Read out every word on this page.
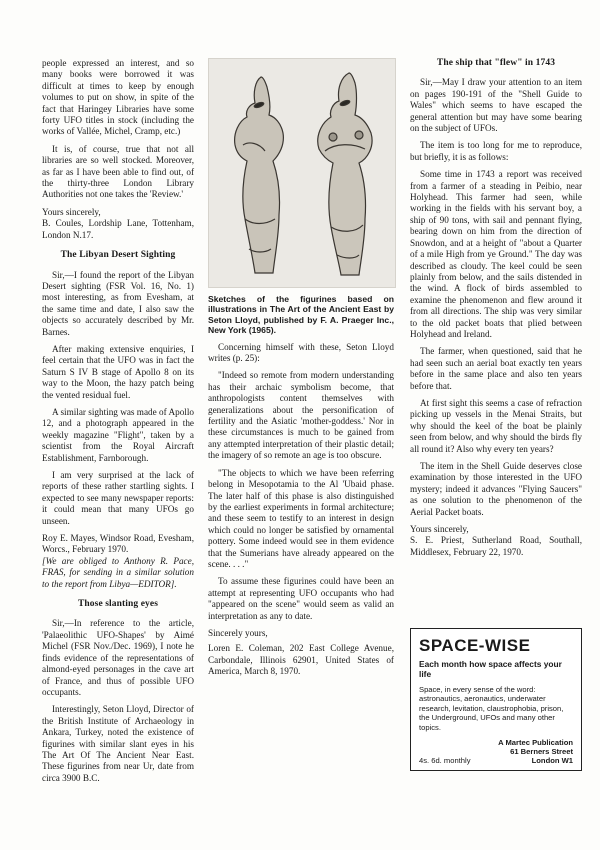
people expressed an interest, and so many books were borrowed it was difficult at times to keep by enough volumes to put on show, in spite of the fact that Haringey Libraries have some forty UFO titles in stock (including the works of Vallée, Michel, Cramp, etc.)

It is, of course, true that not all libraries are so well stocked. Moreover, as far as I have been able to find out, of the thirty-three London Library Authorities not one takes the 'Review.'

Yours sincerely,

B. Coules, Lordship Lane, Tottenham, London N.17.

The Libyan Desert Sighting

Sir,—I found the report of the Libyan Desert sighting (FSR Vol. 16, No. 1) most interesting, as from Evesham, at the same time and date, I also saw the objects so accurately described by Mr. Barnes.

After making extensive enquiries, I feel certain that the UFO was in fact the Saturn S IV B stage of Apollo 8 on its way to the Moon, the hazy patch being the vented residual fuel.

A similar sighting was made of Apollo 12, and a photograph appeared in the weekly magazine "Flight", taken by a scientist from the Royal Aircraft Establishment, Farnborough.

I am very surprised at the lack of reports of these rather startling sights. I expected to see many newspaper reports: it could mean that many UFOs go unseen.

Roy E. Mayes, Windsor Road, Evesham, Worcs., February 1970.

[We are obliged to Anthony R. Pace, FRAS, for sending in a similar solution to the report from Libya—EDITOR].

Those slanting eyes

Sir,—In reference to the article, 'Palaeolithic UFO-Shapes' by Aimé Michel (FSR Nov./Dec. 1969), I note he finds evidence of the representations of almond-eyed personages in the cave art of France, and thus of possible UFO occupants.

Interestingly, Seton Lloyd, Director of the British Institute of Archaeology in Ankara, Turkey, noted the existence of figurines with similar slant eyes in his The Art Of The Ancient Near East. These figurines from near Ur, date from circa 3900 B.C.

Sketches of the figurines based on illustrations in The Art of the Ancient East by Seton Lloyd, published by F. A. Praeger Inc., New York (1965).

Concerning himself with these, Seton Lloyd writes (p. 25):

"Indeed so remote from modern understanding has their archaic symbolism become, that anthropologists content themselves with generalizations about the personification of fertility and the Asiatic 'mother-goddess.' Nor in these circumstances is much to be gained from any attempted interpretation of their plastic detail; the imagery of so remote an age is too obscure.

"The objects to which we have been referring belong in Mesopotamia to the Al 'Ubaid phase. The later half of this phase is also distinguished by the earliest experiments in formal architecture; and these seem to testify to an interest in design which could no longer be satisfied by ornamental pottery. Some indeed would see in them evidence that the Sumerians have already appeared on the scene. . . ."

To assume these figurines could have been an attempt at representing UFO occupants who had "appeared on the scene" would seem as valid an interpretation as any to date.

Sincerely yours,

Loren E. Coleman, 202 East College Avenue, Carbondale, Illinois 62901, United States of America, March 8, 1970.

The ship that "flew" in 1743

Sir,—May I draw your attention to an item on pages 190-191 of the "Shell Guide to Wales" which seems to have escaped the general attention but may have some bearing on the subject of UFOs.

The item is too long for me to reproduce, but briefly, it is as follows:

Some time in 1743 a report was received from a farmer of a steading in Peibio, near Holyhead. This farmer had seen, while working in the fields with his servant boy, a ship of 90 tons, with sail and pennant flying, bearing down on him from the direction of Snowdon, and at a height of "about a Quarter of a mile High from ye Ground." The day was described as cloudy. The keel could be seen plainly from below, and the sails distended in the wind. A flock of birds assembled to examine the phenomenon and flew around it from all directions. The ship was very similar to the old packet boats that plied between Holyhead and Ireland.

The farmer, when questioned, said that he had seen such an aerial boat exactly ten years before in the same place and also ten years before that.

At first sight this seems a case of refraction picking up vessels in the Menai Straits, but why should the keel of the boat be plainly seen from below, and why should the birds fly all round it? Also why every ten years?

The item in the Shell Guide deserves close examination by those interested in the UFO mystery; indeed it advances "Flying Saucers" as one solution to the phenomenon of the Aerial Packet boats.

Yours sincerely,

S. E. Priest, Sutherland Road, Southall, Middlesex, February 22, 1970.

SPACE-WISE
Each month how space affects your life
Space, in every sense of the word: astronautics, aeronautics, underwater research, levitation, claustrophobia, prison, the Underground, UFOs and many other topics.
A Martec Publication
61 Berners Street
4s. 6d. monthly	London W1
